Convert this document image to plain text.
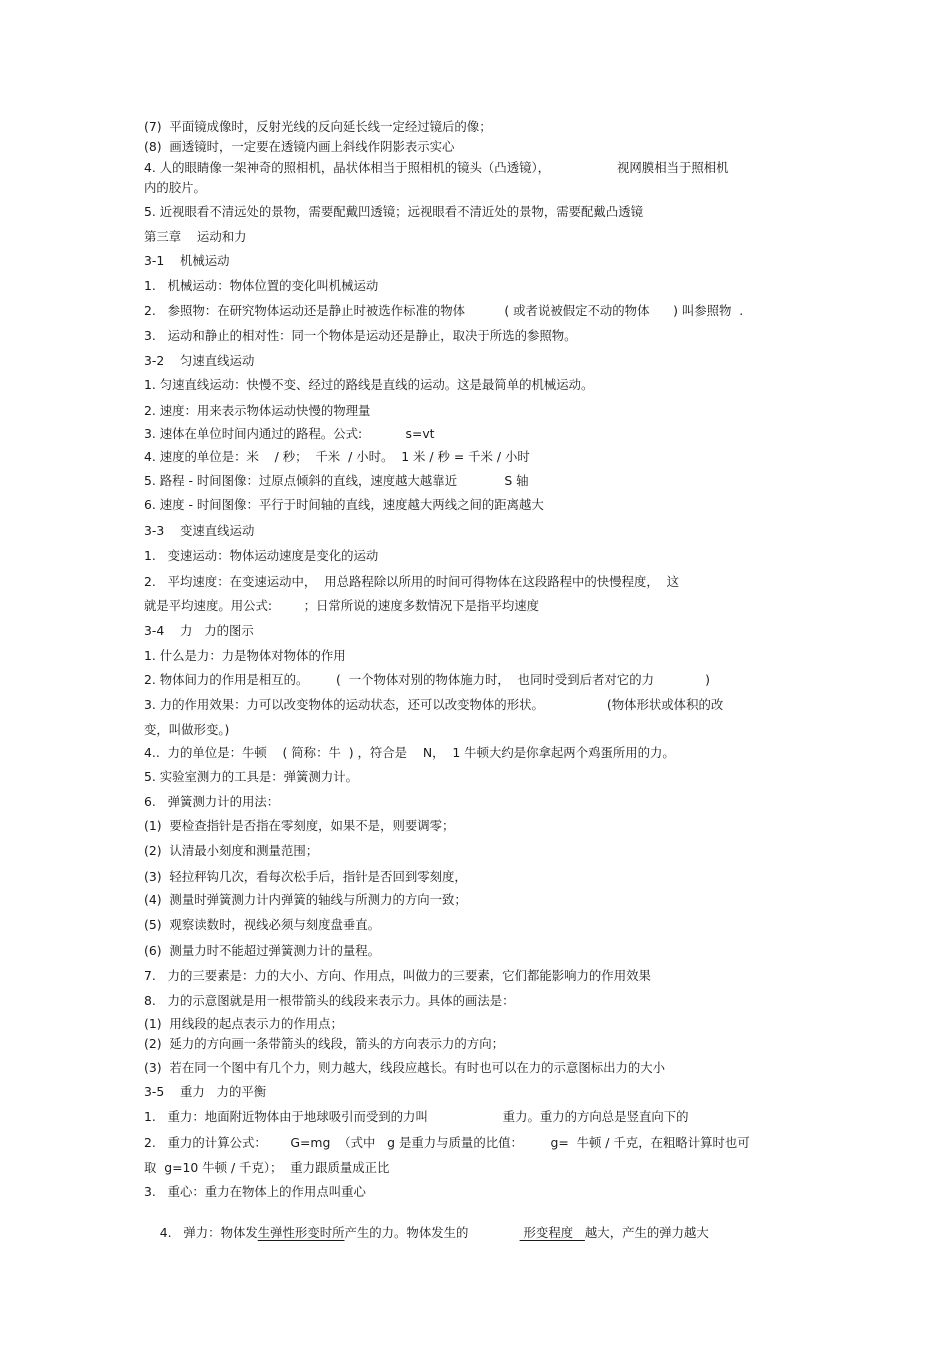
(7)  平面镜成像时，反射光线的反向延长线一定经过镜后的像；
(8)  画透镜时，一定要在透镜内画上斜线作阴影表示实心
4. 人的眼睛像一架神奇的照相机，晶状体相当于照相机的镜头（凸透镜），                 视网膜相当于照相机
内的胶片。
5. 近视眼看不清远处的景物，需要配戴凹透镜；远视眼看不清近处的景物，需要配戴凸透镜
第三章    运动和力
3-1    机械运动
1.   机械运动：物体位置的变化叫机械运动
2.   参照物：在研究物体运动还是静止时被选作标准的物体          ( 或者说被假定不动的物体      ) 叫参照物  .
3.   运动和静止的相对性：同一个物体是运动还是静止，取决于所选的参照物。
3-2    匀速直线运动
1. 匀速直线运动：快慢不变、经过的路线是直线的运动。这是最简单的机械运动。
2. 速度：用来表示物体运动快慢的物理量
3. 速体在单位时间内通过的路程。公式:           s=vt
4. 速度的单位是：米    / 秒；  千米  / 小时。  1 米 / 秒 = 千米 / 小时
5. 路程 - 时间图像：过原点倾斜的直线，速度越大越靠近            S 轴
6. 速度 - 时间图像：平行于时间轴的直线，速度越大两线之间的距离越大
3-3    变速直线运动
1.   变速运动：物体运动速度是变化的运动
2.   平均速度：在变速运动中，  用总路程除以所用的时间可得物体在这段路程中的快慢程度，  这
就是平均速度。用公式:        ；日常所说的速度多数情况下是指平均速度
3-4    力   力的图示
1. 什么是力：力是物体对物体的作用
2. 物体间力的作用是相互的。       (  一个物体对别的物体施力时，  也同时受到后者对它的力             )
3. 力的作用效果：力可以改变物体的运动状态，还可以改变物体的形状。                (物体形状或体积的改
变，叫做形变。)
4..  力的单位是：牛顿    ( 简称：牛  ) ，符合是    N，  1 牛顿大约是你拿起两个鸡蛋所用的力。
5. 实验室测力的工具是：弹簧测力计。
6.   弹簧测力计的用法：
(1)  要检查指针是否指在零刻度，如果不是，则要调零；
(2)  认清最小刻度和测量范围；
(3)  轻拉秤钩几次，看每次松手后，指针是否回到零刻度，
(4)  测量时弹簧测力计内弹簧的轴线与所测力的方向一致；
(5)  观察读数时，视线必须与刻度盘垂直。
(6)  测量力时不能超过弹簧测力计的量程。
7.   力的三要素是：力的大小、方向、作用点，叫做力的三要素，它们都能影响力的作用效果
8.   力的示意图就是用一根带箭头的线段来表示力。具体的画法是：
(1)  用线段的起点表示力的作用点；
(2)  延力的方向画一条带箭头的线段，箭头的方向表示力的方向；
(3)  若在同一个图中有几个力，则力越大，线段应越长。有时也可以在力的示意图标出力的大小
3-5    重力   力的平衡
1.   重力：地面附近物体由于地球吸引而受到的力叫                   重力。重力的方向总是竖直向下的
2.   重力的计算公式：      G=mg  （式中   g 是重力与质量的比值：       g=  牛顿 / 千克，在粗略计算时也可
取  g=10 牛顿 / 千克）；  重力跟质量成正比
3.   重心：重力在物体上的作用点叫重心

4.   弹力：物体发生弹性形变时所产生的力。物体发生的              形变程度   越大，产生的弹力越大
